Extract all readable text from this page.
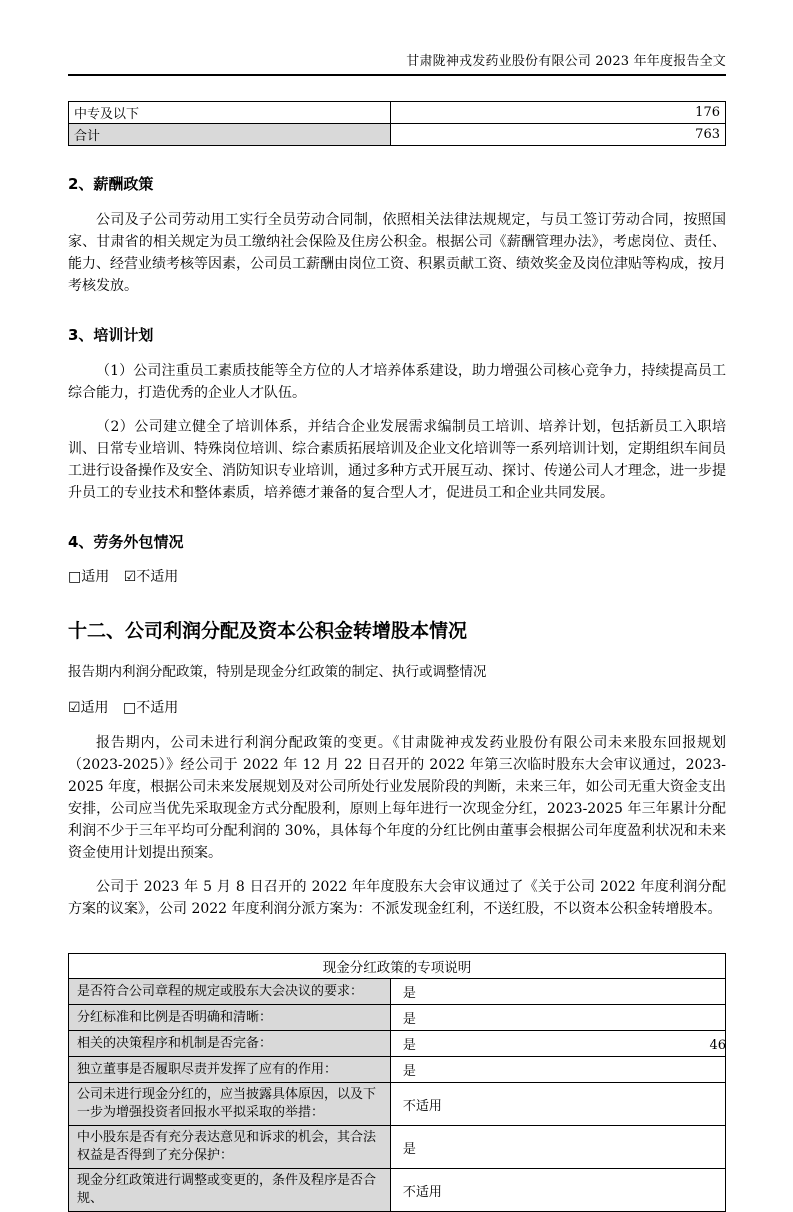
甘肃陇神戎发药业股份有限公司 2023 年年度报告全文
中专及以下	176
合计	763
2、薪酬政策

公司及子公司劳动用工实行全员劳动合同制，依照相关法律法规规定，与员工签订劳动合同，按照国家、甘肃省的相关规定为员工缴纳社会保险及住房公积金。根据公司《薪酬管理办法》，考虑岗位、责任、能力、经营业绩考核等因素，公司员工薪酬由岗位工资、积累贡献工资、绩效奖金及岗位津贴等构成，按月考核发放。

3、培训计划

（1）公司注重员工素质技能等全方位的人才培养体系建设，助力增强公司核心竞争力，持续提高员工综合能力，打造优秀的企业人才队伍。

（2）公司建立健全了培训体系，并结合企业发展需求编制员工培训、培养计划，包括新员工入职培训、日常专业培训、特殊岗位培训、综合素质拓展培训及企业文化培训等一系列培训计划，定期组织车间员工进行设备操作及安全、消防知识专业培训，通过多种方式开展互动、探讨、传递公司人才理念，进一步提升员工的专业技术和整体素质，培养德才兼备的复合型人才，促进员工和企业共同发展。

4、劳务外包情况
□适用 ☑不适用
十二、公司利润分配及资本公积金转增股本情况
报告期内利润分配政策，特别是现金分红政策的制定、执行或调整情况
☑适用 □不适用

报告期内，公司未进行利润分配政策的变更。《甘肃陇神戎发药业股份有限公司未来股东回报规划（2023-2025）》经公司于 2022 年 12 月 22 日召开的 2022 年第三次临时股东大会审议通过，2023-2025 年度，根据公司未来发展规划及对公司所处行业发展阶段的判断，未来三年，如公司无重大资金支出安排，公司应当优先采取现金方式分配股利，原则上每年进行一次现金分红，2023-2025 年三年累计分配利润不少于三年平均可分配利润的 30%，具体每个年度的分红比例由董事会根据公司年度盈利状况和未来资金使用计划提出预案。

公司于 2023 年 5 月 8 日召开的 2022 年年度股东大会审议通过了《关于公司 2022 年度利润分配方案的议案》，公司 2022 年度利润分派方案为：不派发现金红利，不送红股，不以资本公积金转增股本。

现金分红政策的专项说明	
是否符合公司章程的规定或股东大会决议的要求：	是
分红标准和比例是否明确和清晰：	是
相关的决策程序和机制是否完备：	是
独立董事是否履职尽责并发挥了应有的作用：	是
公司未进行现金分红的，应当披露具体原因，以及下一步为增强投资者回报水平拟采取的举措：	不适用
中小股东是否有充分表达意见和诉求的机会，其合法权益是否得到了充分保护：	是
现金分红政策进行调整或变更的，条件及程序是否合规、	不适用
46
